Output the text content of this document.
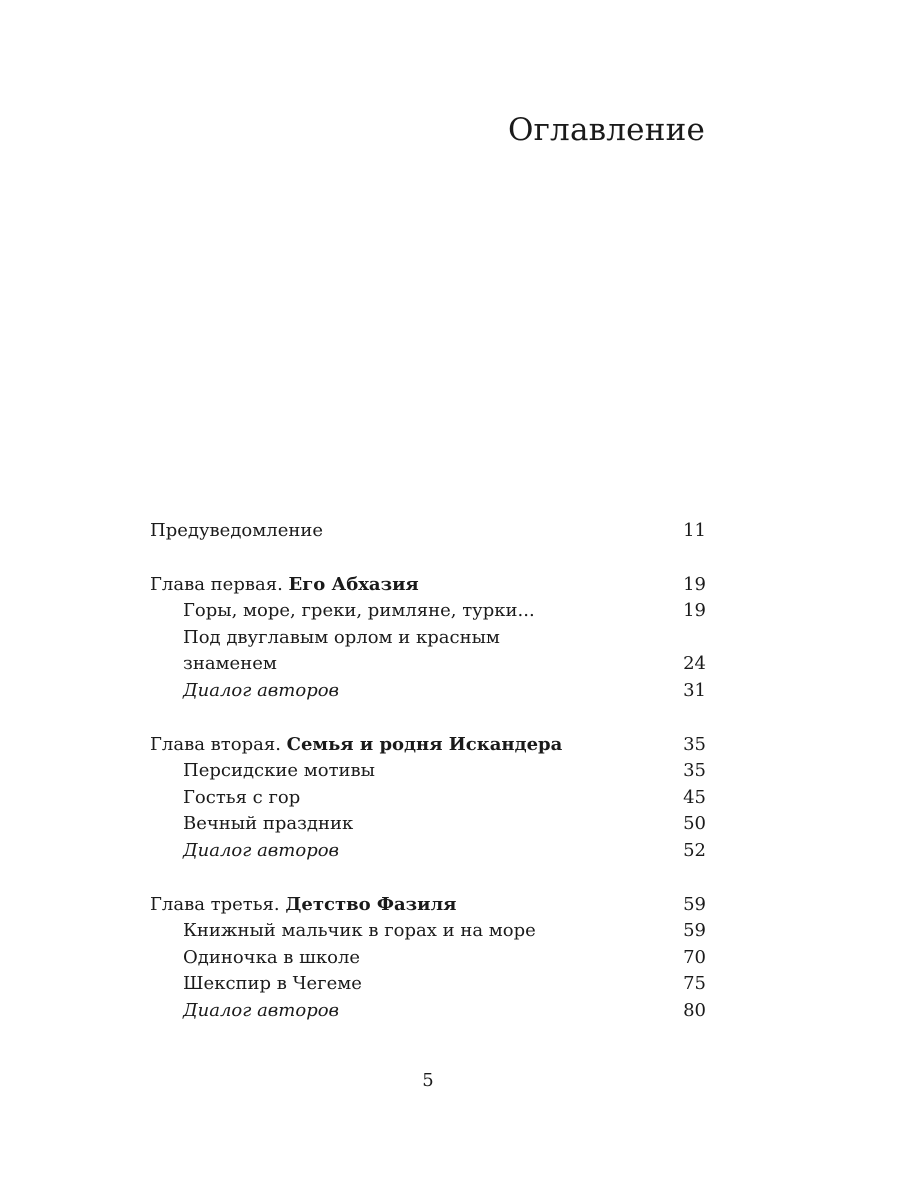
Оглавление
Предуведомление	11
Глава первая. Его Абхазия	19
Горы, море, греки, римляне, турки...	19
Под двуглавым орлом и красным
знаменем	24
Диалог авторов	31
Глава вторая. Семья и родня Искандера	35
Персидские мотивы	35
Гостья с гор	45
Вечный праздник	50
Диалог авторов	52
Глава третья. Детство Фазиля	59
Книжный мальчик в горах и на море	59
Одиночка в школе	70
Шекспир в Чегеме	75
Диалог авторов	80
5
